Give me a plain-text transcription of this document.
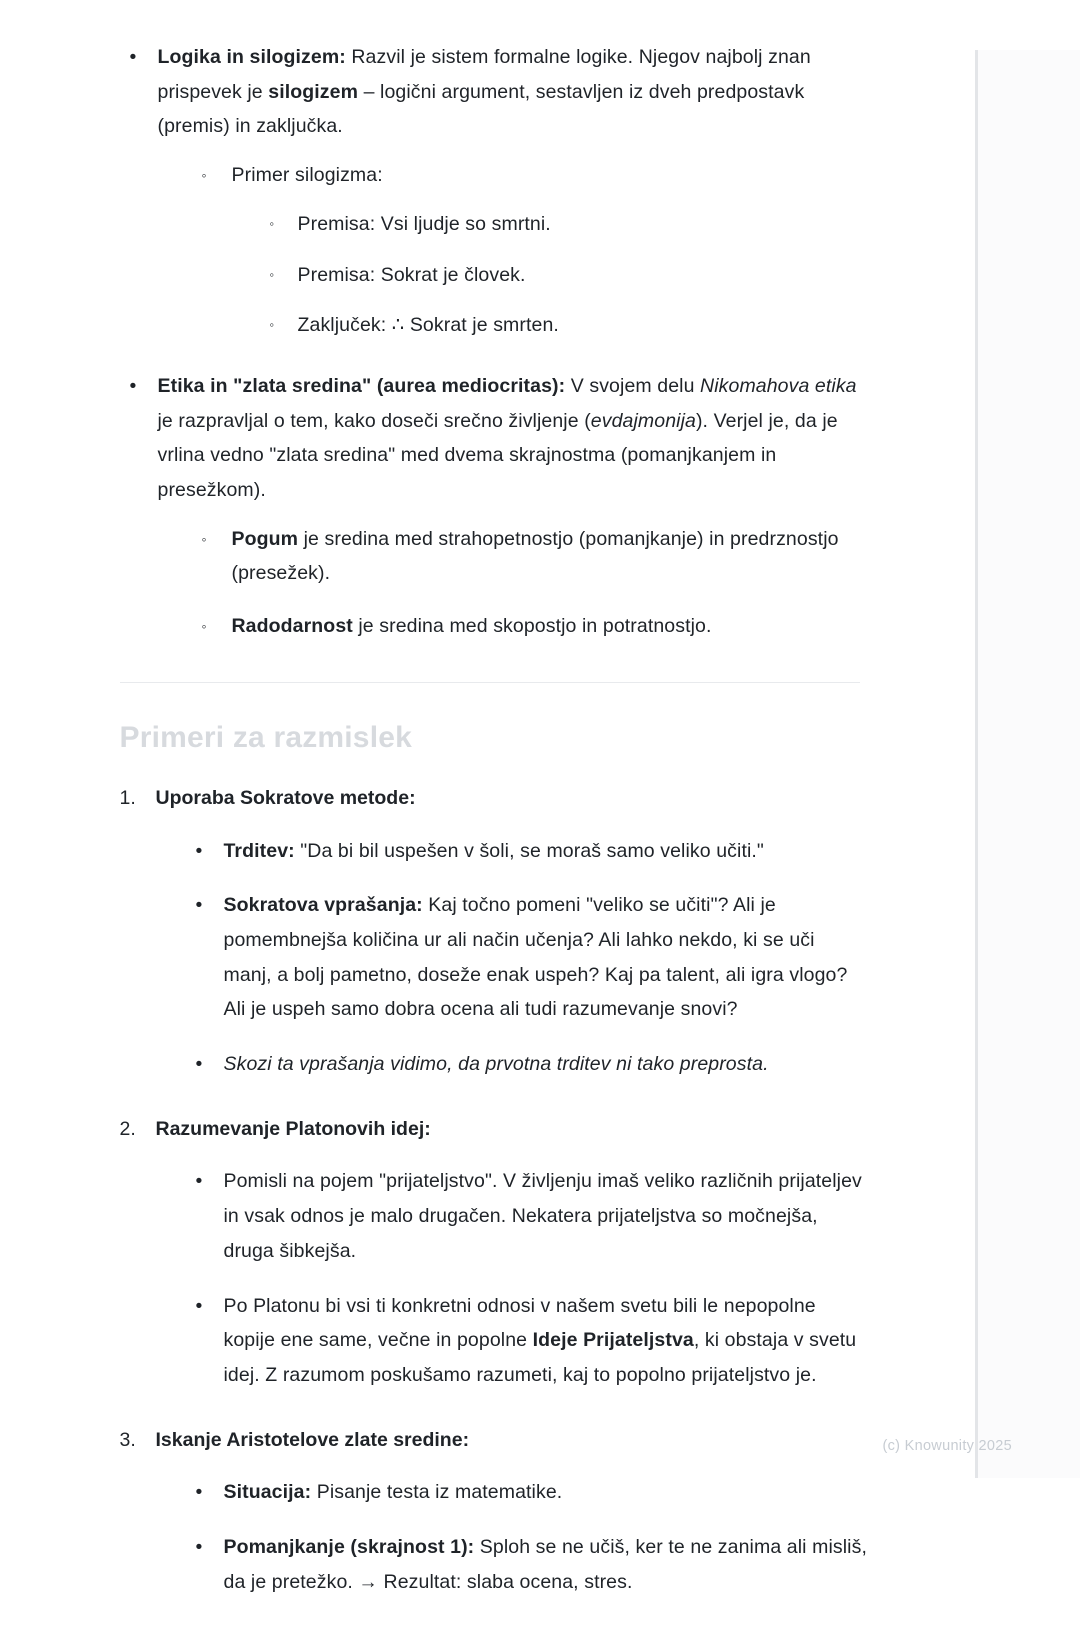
• Logika in silogizem: Razvil je sistem formalne logike. Njegov najbolj znan prispevek je silogizem – logični argument, sestavljen iz dveh predpostavk (premis) in zaključka.
◦ Primer silogizma:
◦ Premisa: Vsi ljudje so smrtni.
◦ Premisa: Sokrat je človek.
◦ Zaključek: ∴ Sokrat je smrten.
• Etika in "zlata sredina" (aurea mediocritas): V svojem delu Nikomahova etika je razpravljal o tem, kako doseči srečno življenje (evdajmonija). Verjel je, da je vrlina vedno "zlata sredina" med dvema skrajnostma (pomanjkanjem in presežkom).
◦ Pogum je sredina med strahopetnostjo (pomanjkanje) in predrznostjo (presežek).
◦ Radodarnost je sredina med skopostjo in potratnostjo.
Primeri za razmislek
1. Uporaba Sokratove metode:
• Trditev: "Da bi bil uspešen v šoli, se moraš samo veliko učiti."
• Sokratova vprašanja: Kaj točno pomeni "veliko se učiti"? Ali je pomembnejša količina ur ali način učenja? Ali lahko nekdo, ki se uči manj, a bolj pametno, doseže enak uspeh? Kaj pa talent, ali igra vlogo? Ali je uspeh samo dobra ocena ali tudi razumevanje snovi?
• Skozi ta vprašanja vidimo, da prvotna trditev ni tako preprosta.
2. Razumevanje Platonovih idej:
• Pomisli na pojem "prijateljstvo". V življenju imaš veliko različnih prijateljev in vsak odnos je malo drugačen. Nekatera prijateljstva so močnejša, druga šibkejša.
• Po Platonu bi vsi ti konkretni odnosi v našem svetu bili le nepopolne kopije ene same, večne in popolne Ideje Prijateljstva, ki obstaja v svetu idej. Z razumom poskušamo razumeti, kaj to popolno prijateljstvo je.
3. Iskanje Aristotelove zlate sredine:
• Situacija: Pisanje testa iz matematike.
• Pomanjkanje (skrajnost 1): Sploh se ne učiš, ker te ne zanima ali misliš, da je pretežko. → Rezultat: slaba ocena, stres.
(c) Knowunity 2025
